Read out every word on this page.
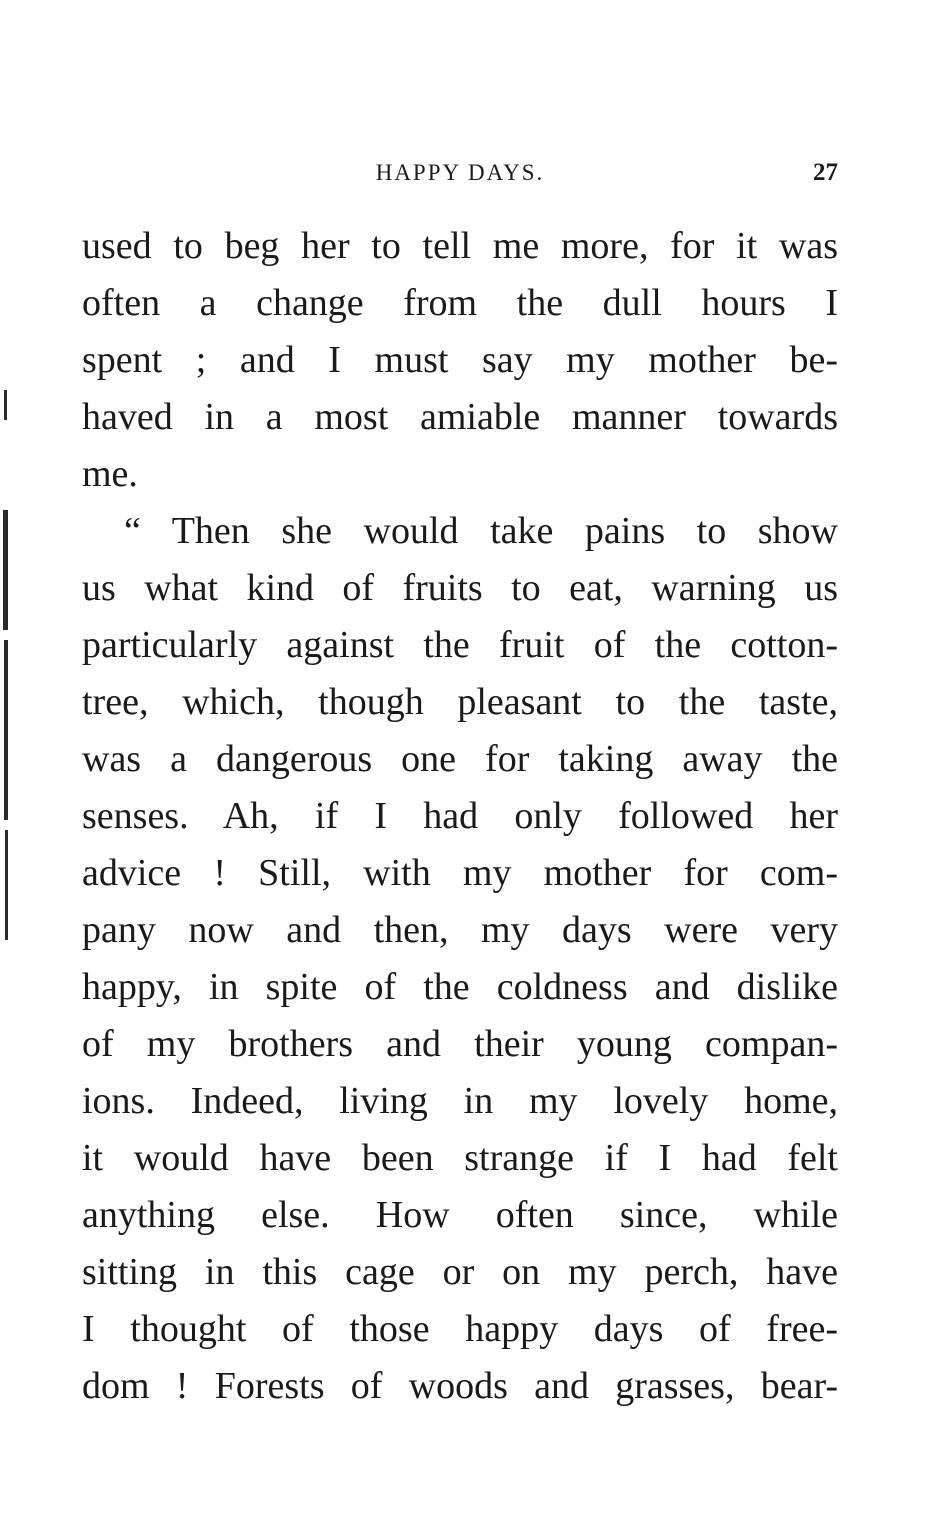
HAPPY DAYS.	27
used to beg her to tell me more, for it was
often a change from the dull hours I
spent ; and I must say my mother be-
haved in a most amiable manner towards
me.
“ Then she would take pains to show
us what kind of fruits to eat, warning us
particularly against the fruit of the cotton-
tree, which, though pleasant to the taste,
was a dangerous one for taking away the
senses. Ah, if I had only followed her
advice ! Still, with my mother for com-
pany now and then, my days were very
happy, in spite of the coldness and dislike
of my brothers and their young compan-
ions. Indeed, living in my lovely home,
it would have been strange if I had felt
anything else. How often since, while
sitting in this cage or on my perch, have
I thought of those happy days of free-
dom ! Forests of woods and grasses, bear-
